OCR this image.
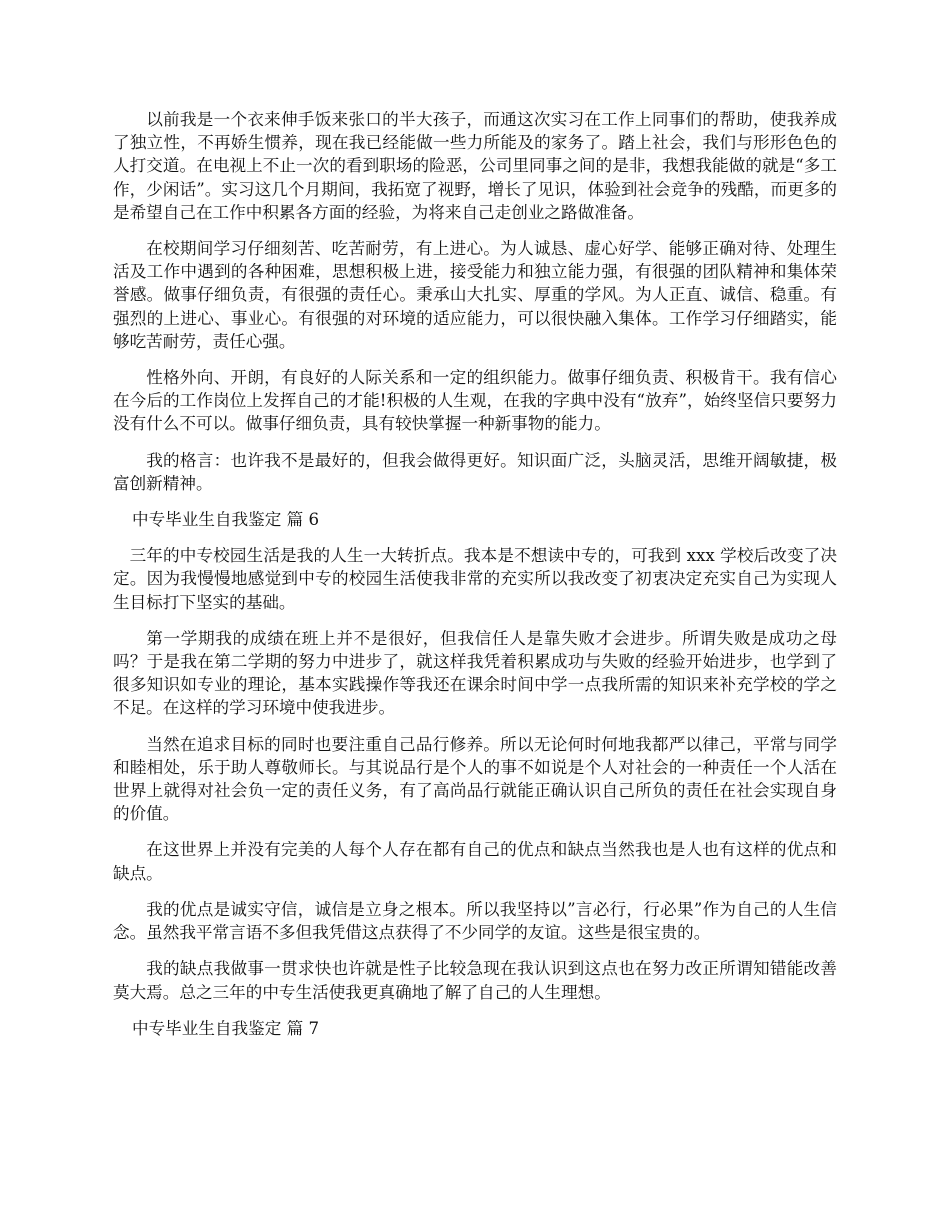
以前我是一个衣来伸手饭来张口的半大孩子，而通这次实习在工作上同事们的帮助，使我养成了独立性，不再娇生惯养，现在我已经能做一些力所能及的家务了。踏上社会，我们与形形色色的人打交道。在电视上不止一次的看到职场的险恶，公司里同事之间的是非，我想我能做的就是“多工作，少闲话”。实习这几个月期间，我拓宽了视野，增长了见识，体验到社会竞争的残酷，而更多的是希望自己在工作中积累各方面的经验，为将来自己走创业之路做准备。

在校期间学习仔细刻苦、吃苦耐劳，有上进心。为人诚恳、虚心好学、能够正确对待、处理生活及工作中遇到的各种困难，思想积极上进，接受能力和独立能力强，有很强的团队精神和集体荣誉感。做事仔细负责，有很强的责任心。秉承山大扎实、厚重的学风。为人正直、诚信、稳重。有强烈的上进心、事业心。有很强的对环境的适应能力，可以很快融入集体。工作学习仔细踏实，能够吃苦耐劳，责任心强。

性格外向、开朗，有良好的人际关系和一定的组织能力。做事仔细负责、积极肯干。我有信心在今后的工作岗位上发挥自己的才能!积极的人生观，在我的字典中没有“放弃”，始终坚信只要努力没有什么不可以。做事仔细负责，具有较快掌握一种新事物的能力。

我的格言：也许我不是最好的，但我会做得更好。知识面广泛，头脑灵活，思维开阔敏捷，极富创新精神。

中专毕业生自我鉴定 篇 6

三年的中专校园生活是我的人生一大转折点。我本是不想读中专的，可我到 xxx 学校后改变了决定。因为我慢慢地感觉到中专的校园生活使我非常的充实所以我改变了初衷决定充实自己为实现人生目标打下坚实的基础。

第一学期我的成绩在班上并不是很好，但我信任人是靠失败才会进步。所谓失败是成功之母吗？于是我在第二学期的努力中进步了，就这样我凭着积累成功与失败的经验开始进步，也学到了很多知识如专业的理论，基本实践操作等我还在课余时间中学一点我所需的知识来补充学校的学之不足。在这样的学习环境中使我进步。

当然在追求目标的同时也要注重自己品行修养。所以无论何时何地我都严以律己，平常与同学和睦相处，乐于助人尊敬师长。与其说品行是个人的事不如说是个人对社会的一种责任一个人活在世界上就得对社会负一定的责任义务，有了高尚品行就能正确认识自己所负的责任在社会实现自身的价值。

在这世界上并没有完美的人每个人存在都有自己的优点和缺点当然我也是人也有这样的优点和缺点。

我的优点是诚实守信，诚信是立身之根本。所以我坚持以”言必行，行必果”作为自己的人生信念。虽然我平常言语不多但我凭借这点获得了不少同学的友谊。这些是很宝贵的。

我的缺点我做事一贯求快也许就是性子比较急现在我认识到这点也在努力改正所谓知错能改善莫大焉。总之三年的中专生活使我更真确地了解了自己的人生理想。

中专毕业生自我鉴定 篇 7
